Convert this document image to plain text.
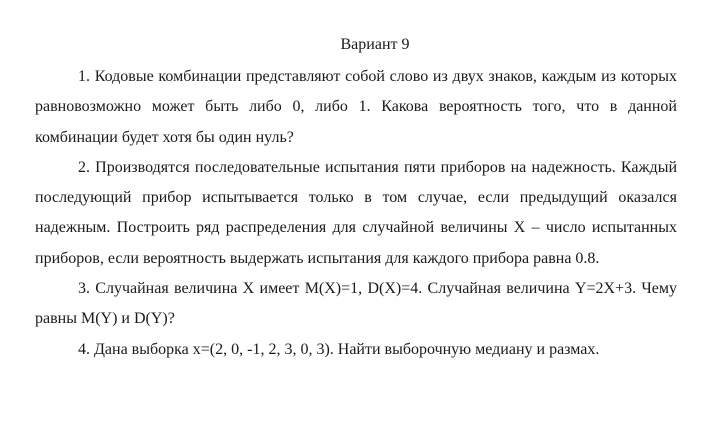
Вариант 9

1. Кодовые комбинации представляют собой слово из двух знаков, каждым из которых равновозможно может быть либо 0, либо 1. Какова вероятность того, что в данной комбинации будет хотя бы один нуль?

2. Производятся последовательные испытания пяти приборов на надежность. Каждый последующий прибор испытывается только в том случае, если предыдущий оказался надежным. Построить ряд распределения для случайной величины X – число испытанных приборов, если вероятность выдержать испытания для каждого прибора равна 0.8.

3. Случайная величина X имеет M(X)=1, D(X)=4. Случайная величина Y=2X+3. Чему равны M(Y) и D(Y)?

4. Дана выборка x=(2, 0, -1, 2, 3, 0, 3). Найти выборочную медиану и размах.
